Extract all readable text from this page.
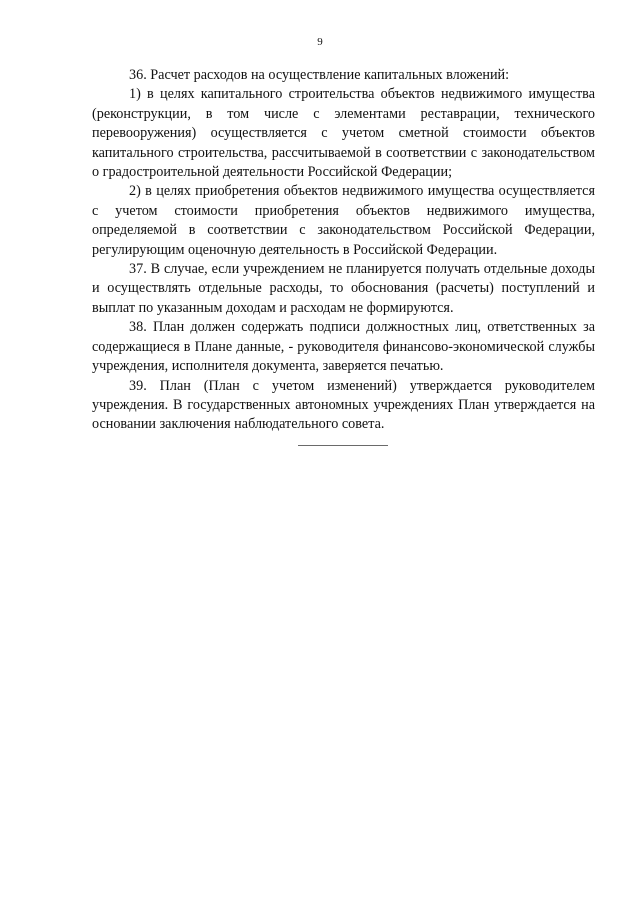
9

36. Расчет расходов на осуществление капитальных вложений:

1) в целях капитального строительства объектов недвижимого имущества (реконструкции, в том числе с элементами реставрации, технического перевооружения) осуществляется с учетом сметной стоимости объектов капитального строительства, рассчитываемой в соответствии с законодательством о градостроительной деятельности Российской Федерации;

2) в целях приобретения объектов недвижимого имущества осуществляется с учетом стоимости приобретения объектов недвижимого имущества, определяемой в соответствии с законодательством Российской Федерации, регулирующим оценочную деятельность в Российской Федерации.

37. В случае, если учреждением не планируется получать отдельные доходы и осуществлять отдельные расходы, то обоснования (расчеты) поступлений и выплат по указанным доходам и расходам не формируются.

38. План должен содержать подписи должностных лиц, ответственных за содержащиеся в Плане данные, - руководителя финансово-экономической службы учреждения, исполнителя документа, заверяется печатью.

39. План (План с учетом изменений) утверждается руководителем учреждения. В государственных автономных учреждениях План утверждается на основании заключения наблюдательного совета.
